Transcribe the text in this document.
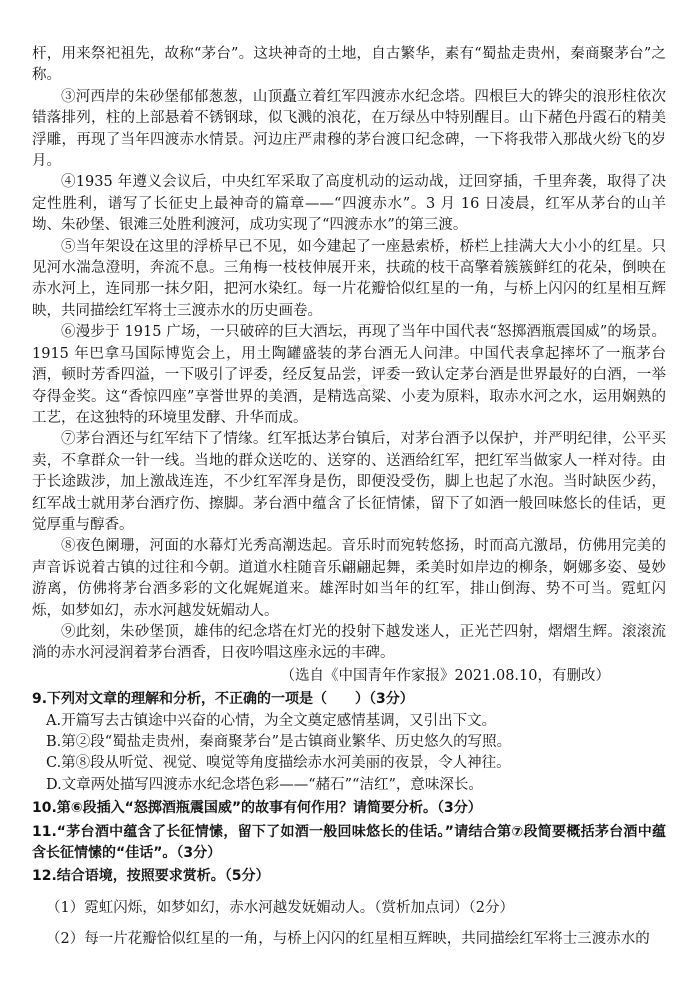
杆，用来祭祀祖先，故称“茅台”。这块神奇的土地，自古繁华，素有“蜀盐走贵州，秦商聚茅台”之称。

③河西岸的朱砂堡郁郁葱葱，山顶矗立着红军四渡赤水纪念塔。四根巨大的铧尖的浪形柱依次错落排列，柱的上部悬着不锈钢球，似飞溅的浪花，在万绿丛中特别醒目。山下赭色丹霞石的精美浮雕，再现了当年四渡赤水情景。河边庄严肃穆的茅台渡口纪念碑，一下将我带入那战火纷飞的岁月。

④1935 年遵义会议后，中央红军采取了高度机动的运动战，迂回穿插，千里奔袭，取得了决定性胜利，谱写了长征史上最神奇的篇章——“四渡赤水”。3 月 16 日凌晨，红军从茅台的山羊坳、朱砂堡、银滩三处胜利渡河，成功实现了“四渡赤水”的第三渡。

⑤当年架设在这里的浮桥早已不见，如今建起了一座悬索桥，桥栏上挂满大大小小的红星。只见河水湍急澄明，奔流不息。三角梅一枝枝伸展开来，扶疏的枝干高擎着簇簇鲜红的花朵，倒映在赤水河上，连同那一抹夕阳，把河水染红。每一片花瓣恰似红星的一角，与桥上闪闪的红星相互辉映，共同描绘红军将士三渡赤水的历史画卷。

⑥漫步于 1915 广场，一只破碎的巨大酒坛，再现了当年中国代表“怒掷酒瓶震国威”的场景。1915 年巴拿马国际博览会上，用土陶罐盛装的茅台酒无人问津。中国代表拿起摔坏了一瓶茅台酒，顿时芳香四溢，一下吸引了评委，经反复品尝，评委一致认定茅台酒是世界最好的白酒，一举夺得金奖。这“香惊四座”享誉世界的美酒，是精选高粱、小麦为原料，取赤水河之水，运用娴熟的工艺，在这独特的环境里发酵、升华而成。

⑦茅台酒还与红军结下了情缘。红军抵达茅台镇后，对茅台酒予以保护，并严明纪律，公平买卖，不拿群众一针一线。当地的群众送吃的、送穿的、送酒给红军，把红军当做家人一样对待。由于长途跋涉，加上激战连连，不少红军浑身是伤，即便没受伤，脚上也起了水泡。当时缺医少药，红军战士就用茅台酒疗伤、擦脚。茅台酒中蕴含了长征情愫，留下了如酒一般回味悠长的佳话，更觉厚重与醇香。

⑧夜色阑珊，河面的水幕灯光秀高潮迭起。音乐时而宛转悠扬，时而高亢激昂，仿佛用完美的声音诉说着古镇的过往和今朝。道道水柱随音乐翩翩起舞，柔美时如岸边的柳条，婀娜多姿、曼妙游离，仿佛将茅台酒多彩的文化娓娓道来。雄浑时如当年的红军，排山倒海、势不可当。霓虹闪烁，如梦如幻，赤水河越发妩媚动人。

⑨此刻，朱砂堡顶，雄伟的纪念塔在灯光的投射下越发迷人，正光芒四射，熠熠生辉。滚滚流淌的赤水河浸润着茅台酒香，日夜吟唱这座永远的丰碑。

（选自《中国青年作家报》2021.08.10，有删改）

9.下列对文章的理解和分析，不正确的一项是（　　）（3分）

A.开篇写去古镇途中兴奋的心情，为全文奠定感情基调，又引出下文。

B.第②段“蜀盐走贵州，秦商聚茅台”是古镇商业繁华、历史悠久的写照。

C.第⑧段从听觉、视觉、嗅觉等角度描绘赤水河美丽的夜景，令人神往。

D.文章两处描写四渡赤水纪念塔色彩——“赭石”“洁红”，意味深长。

10.第⑥段插入“怒掷酒瓶震国威”的故事有何作用？请简要分析。（3分）

11.“茅台酒中蕴含了长征情愫，留下了如酒一般回味悠长的佳话。”请结合第⑦段简要概括茅台酒中蕴含长征情愫的“佳话”。（3分）

12.结合语境，按照要求赏析。（5分）

（1）霓虹闪烁，如梦如幻，赤水河越发妩媚动人。（赏析加点词）（2分）

（2）每一片花瓣恰似红星的一角，与桥上闪闪的红星相互辉映，共同描绘红军将士三渡赤水的
